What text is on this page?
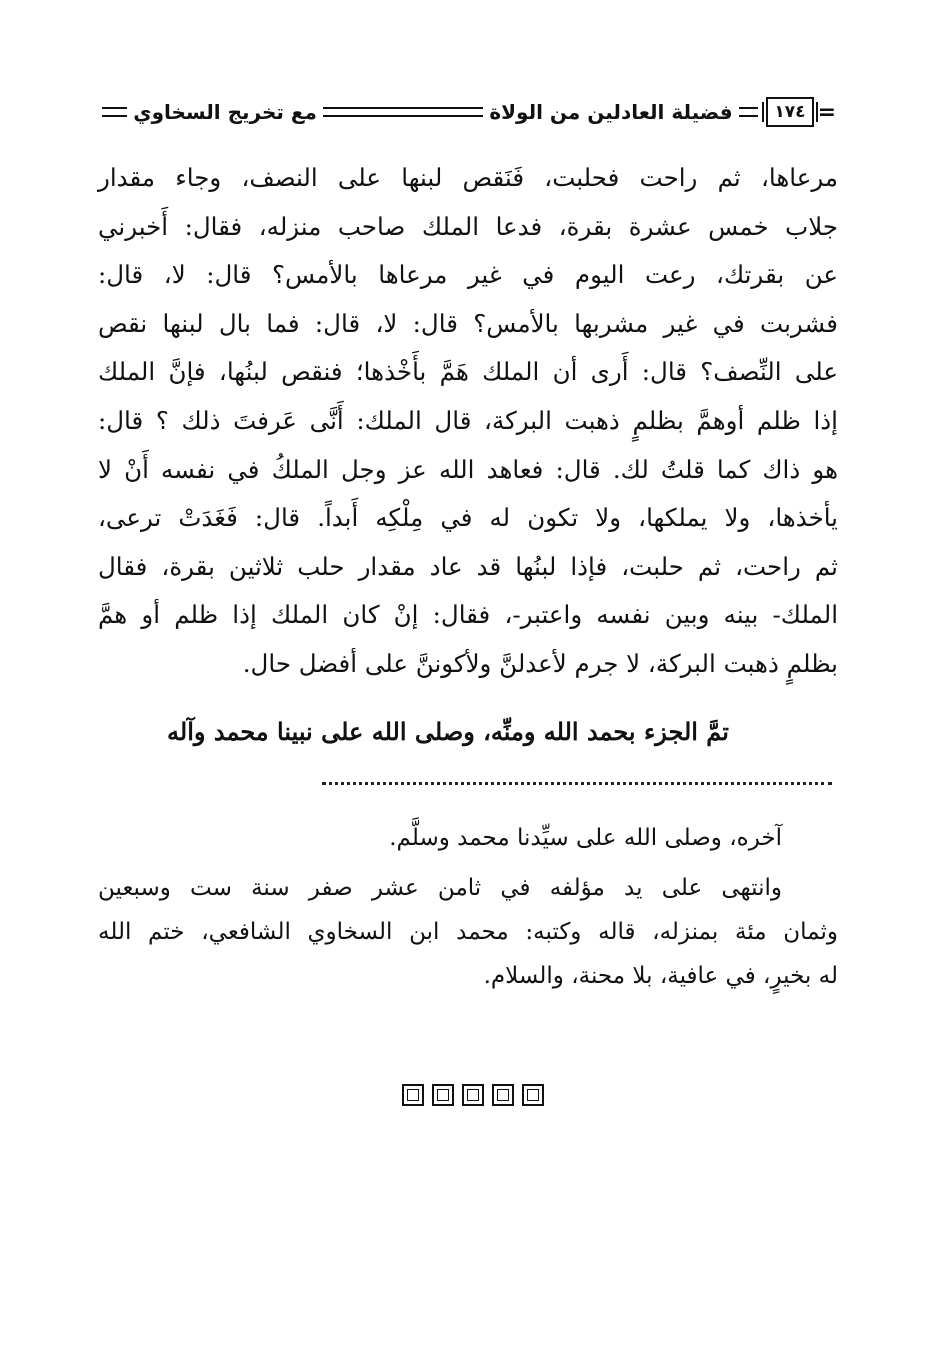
=
١٧٤
فضيلة العادلين من الولاة
مع تخريج السخاوي
مرعاها، ثم راحت فحلبت، فَنَقص لبنها على النصف، وجاء مقدار
جلاب خمس عشرة بقرة، فدعا الملك صاحب منزله، فقال: أَخبرني
عن بقرتك، رعت اليوم في غير مرعاها بالأمس؟ قال: لا، قال:
فشربت في غير مشربها بالأمس؟ قال: لا، قال: فما بال لبنها نقص
على النِّصف؟ قال: أَرى أن الملك هَمَّ بأَخْذها؛ فنقص لبنُها، فإنَّ الملك
إذا ظلم أوهمَّ بظلمٍ ذهبت البركة، قال الملك: أَنَّى عَرفتَ ذلك ؟ قال:
هو ذاك كما قلتُ لك. قال: فعاهد الله عز وجل الملكُ في نفسه أَنْ لا
يأخذها، ولا يملكها، ولا تكون له في مِلْكِه أَبداً. قال: فَغَدَتْ ترعى،
ثم راحت، ثم حلبت، فإذا لبنُها قد عاد مقدار حلب ثلاثين بقرة، فقال
الملك- بينه وبين نفسه واعتبر-، فقال: إنْ كان الملك إذا ظلم أو همَّ
بظلمٍ ذهبت البركة، لا جرم لأعدلنَّ ولأكوننَّ على أفضل حال.
تمَّ الجزء بحمد الله ومنِّه، وصلى الله على نبينا محمد وآله
آخره، وصلى الله على سيِّدنا محمد وسلَّم.
وانتهى على يد مؤلفه في ثامن عشر صفر سنة ست وسبعين
وثمان مئة بمنزله، قاله وكتبه: محمد ابن السخاوي الشافعي، ختم الله
له بخيرٍ، في عافية، بلا محنة، والسلام.
